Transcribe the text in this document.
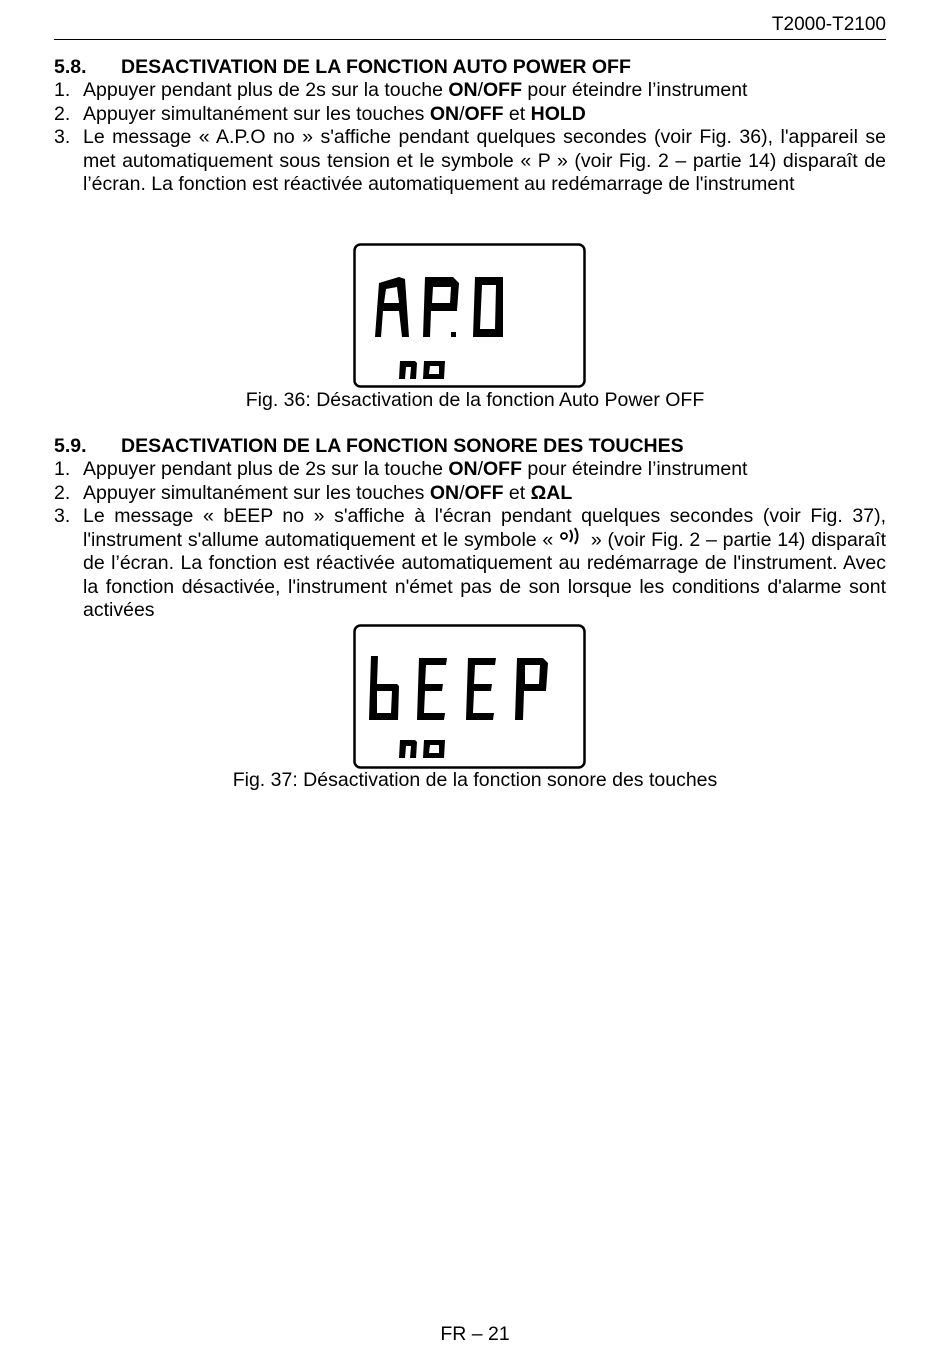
T2000-T2100
5.8. DESACTIVATION DE LA FONCTION AUTO POWER OFF
1. Appuyer pendant plus de 2s sur la touche ON/OFF pour éteindre l’instrument
2. Appuyer simultanément sur les touches ON/OFF et HOLD
3. Le message « A.P.O no » s'affiche pendant quelques secondes (voir Fig. 36), l'appareil se met automatiquement sous tension et le symbole « P » (voir Fig. 2 – partie 14) disparaît de l’écran. La fonction est réactivée automatiquement au redémarrage de l'instrument
Fig. 36: Désactivation de la fonction Auto Power OFF
5.9. DESACTIVATION DE LA FONCTION SONORE DES TOUCHES
1. Appuyer pendant plus de 2s sur la touche ON/OFF pour éteindre l’instrument
2. Appuyer simultanément sur les touches ON/OFF et ΩAL
3. Le message « bEEP no » s'affiche à l'écran pendant quelques secondes (voir Fig. 37), l'instrument s'allume automatiquement et le symbole «  » (voir Fig. 2 – partie 14) disparaît de l’écran. La fonction est réactivée automatiquement au redémarrage de l'instrument. Avec la fonction désactivée, l'instrument n'émet pas de son lorsque les conditions d'alarme sont activées
Fig. 37: Désactivation de la fonction sonore des touches
FR – 21
